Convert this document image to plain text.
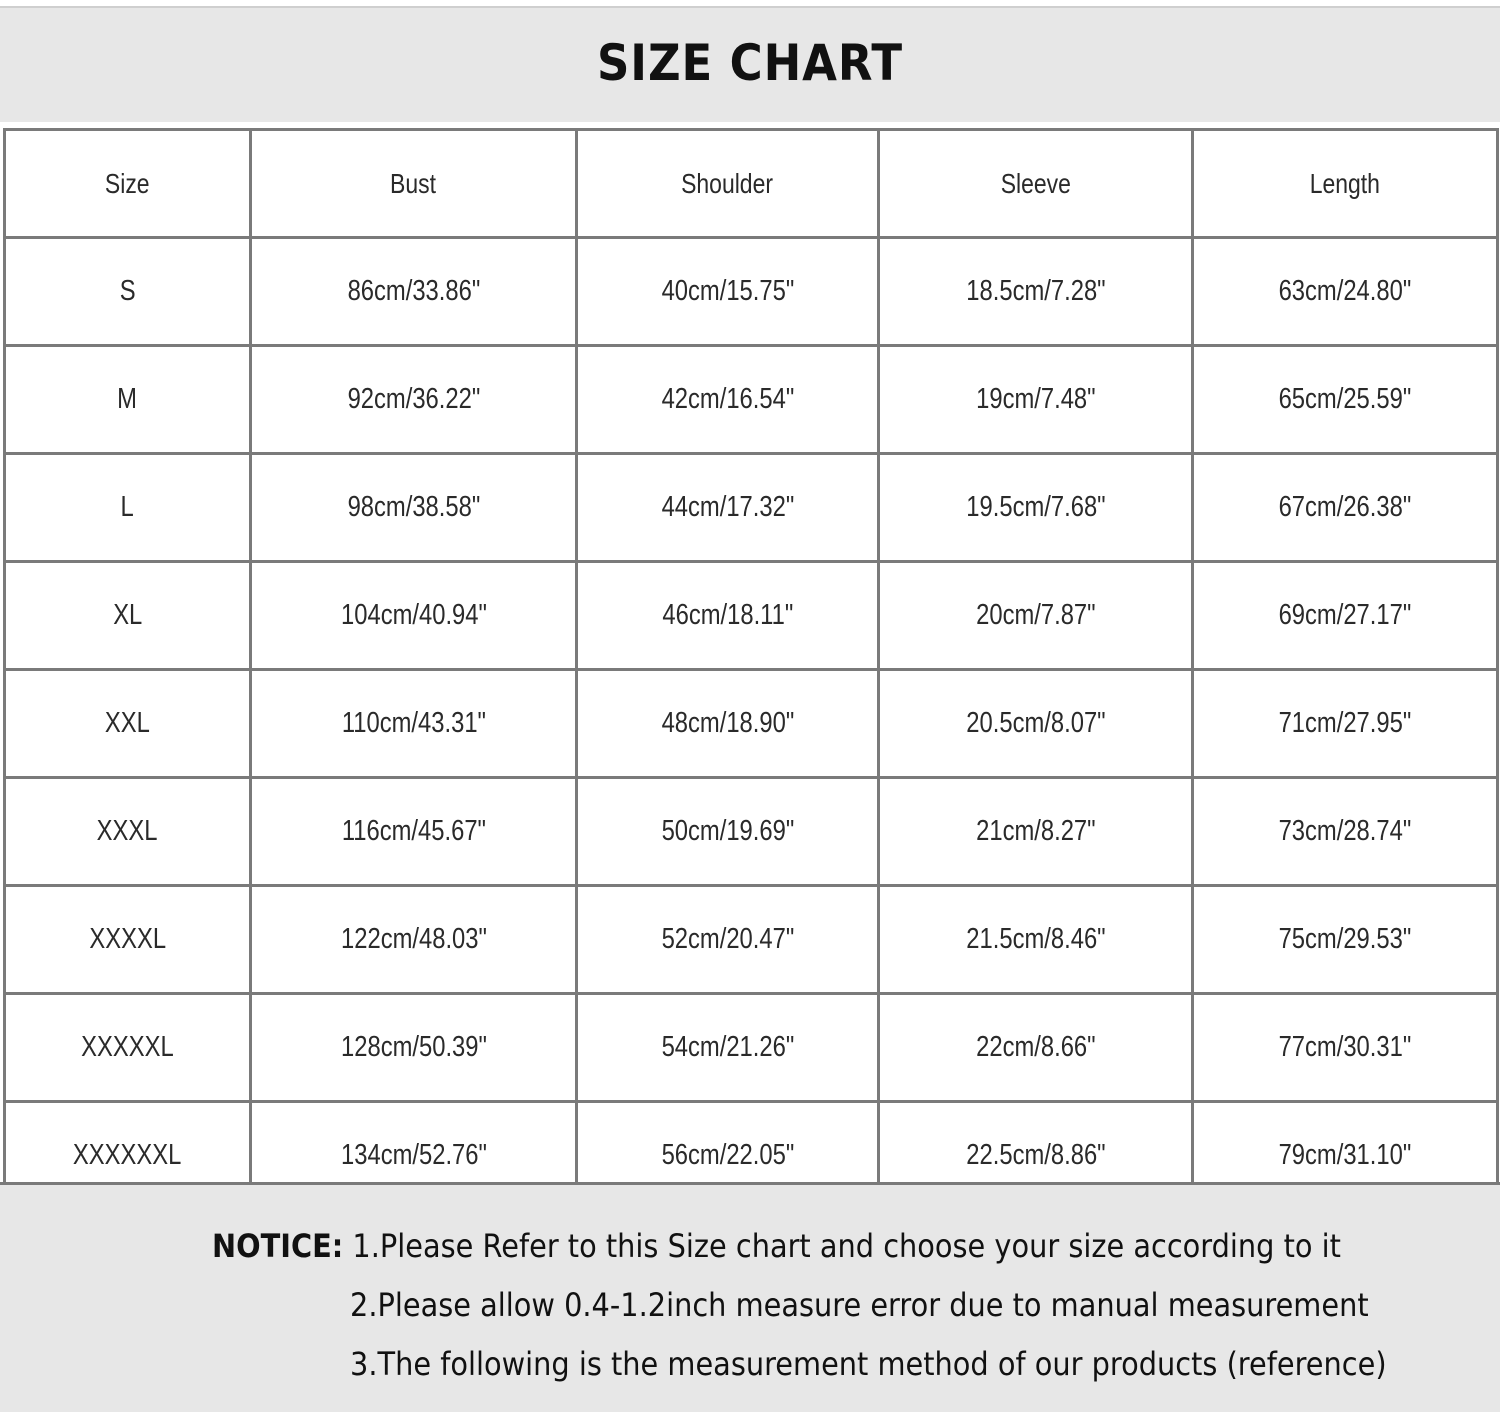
SIZE CHART
Size	Bust	Shoulder	Sleeve	Length
S	86cm/33.86"	40cm/15.75"	18.5cm/7.28"	63cm/24.80"
M	92cm/36.22"	42cm/16.54"	19cm/7.48"	65cm/25.59"
L	98cm/38.58"	44cm/17.32"	19.5cm/7.68"	67cm/26.38"
XL	104cm/40.94"	46cm/18.11"	20cm/7.87"	69cm/27.17"
XXL	110cm/43.31"	48cm/18.90"	20.5cm/8.07"	71cm/27.95"
XXXL	116cm/45.67"	50cm/19.69"	21cm/8.27"	73cm/28.74"
XXXXL	122cm/48.03"	52cm/20.47"	21.5cm/8.46"	75cm/29.53"
XXXXXL	128cm/50.39"	54cm/21.26"	22cm/8.66"	77cm/30.31"
XXXXXXL	134cm/52.76"	56cm/22.05"	22.5cm/8.86"	79cm/31.10"
NOTICE: 1.Please Refer to this Size chart and choose your size according to it
2.Please allow 0.4-1.2inch measure error due to manual measurement
3.The following is the measurement method of our products (reference)
